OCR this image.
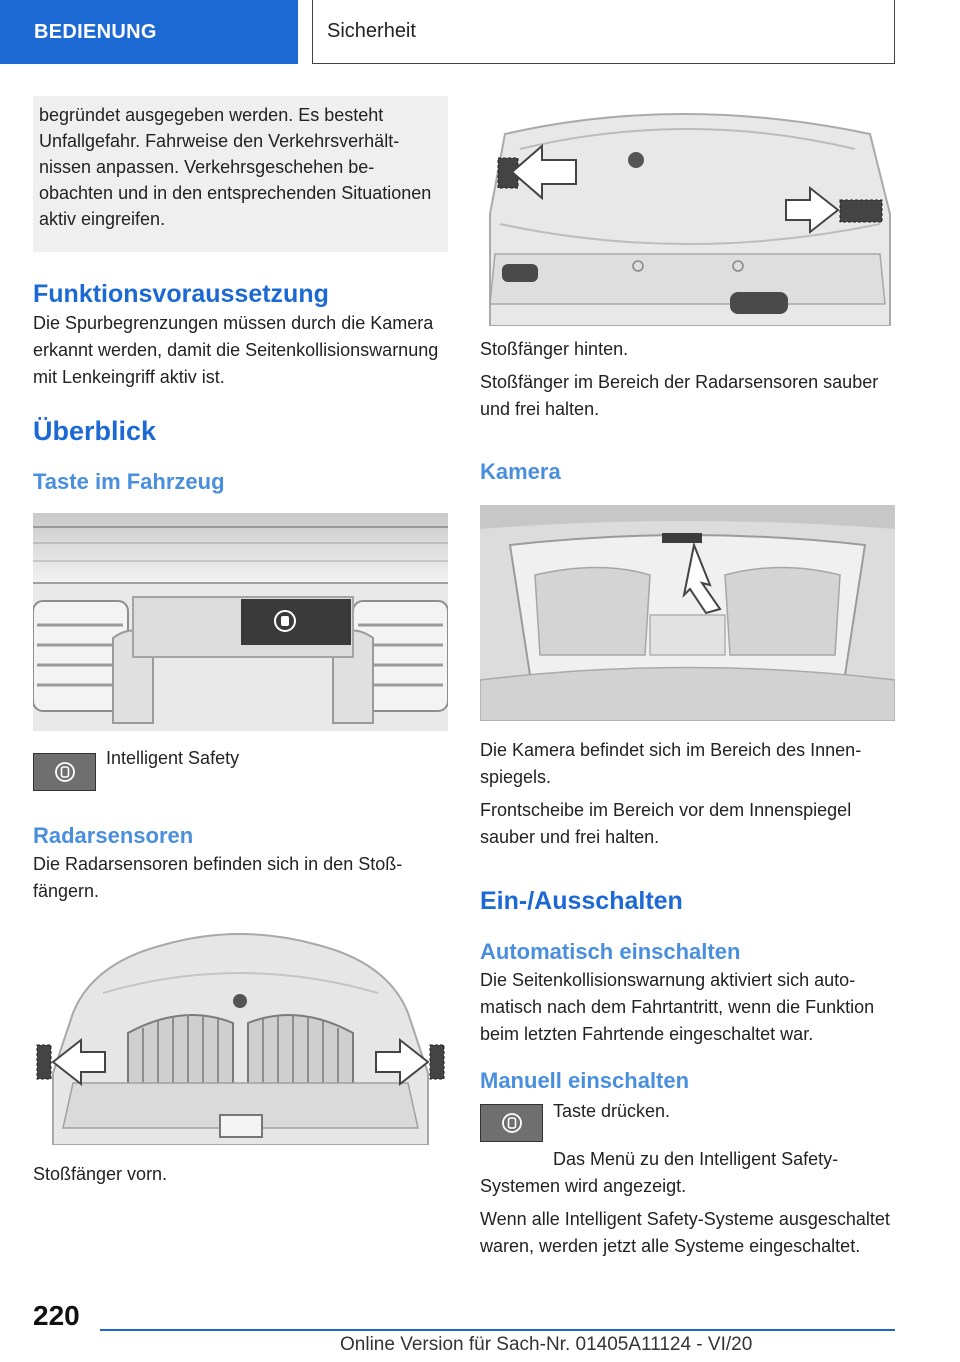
BEDIENUNG	Sicherheit
begründet ausgegeben werden. Es besteht Unfallgefahr. Fahrweise den Verkehrsverhältnissen anpassen. Verkehrsgeschehen beobachten und in den entsprechenden Situationen aktiv eingreifen.
Funktionsvoraussetzung

Die Spurbegrenzungen müssen durch die Kamera erkannt werden, damit die Seitenkollisionswarnung mit Lenkeingriff aktiv ist.

Überblick
Taste im Fahrzeug

Intelligent Safety

Radarsensoren

Die Radarsensoren befinden sich in den Stoßfängern.

Stoßfänger vorn.

Stoßfänger hinten.

Stoßfänger im Bereich der Radarsensoren sauber und frei halten.

Kamera

Die Kamera befindet sich im Bereich des Innenspiegels.

Frontscheibe im Bereich vor dem Innenspiegel sauber und frei halten.

Ein-/Ausschalten
Automatisch einschalten

Die Seitenkollisionswarnung aktiviert sich automatisch nach dem Fahrtantritt, wenn die Funktion beim letzten Fahrtende eingeschaltet war.

Manuell einschalten

Taste drücken.

Das Menü zu den Intelligent Safety-Systemen wird angezeigt.

Wenn alle Intelligent Safety-Systeme ausgeschaltet waren, werden jetzt alle Systeme eingeschaltet.

220
Online Version für Sach-Nr. 01405A11124 - VI/20
